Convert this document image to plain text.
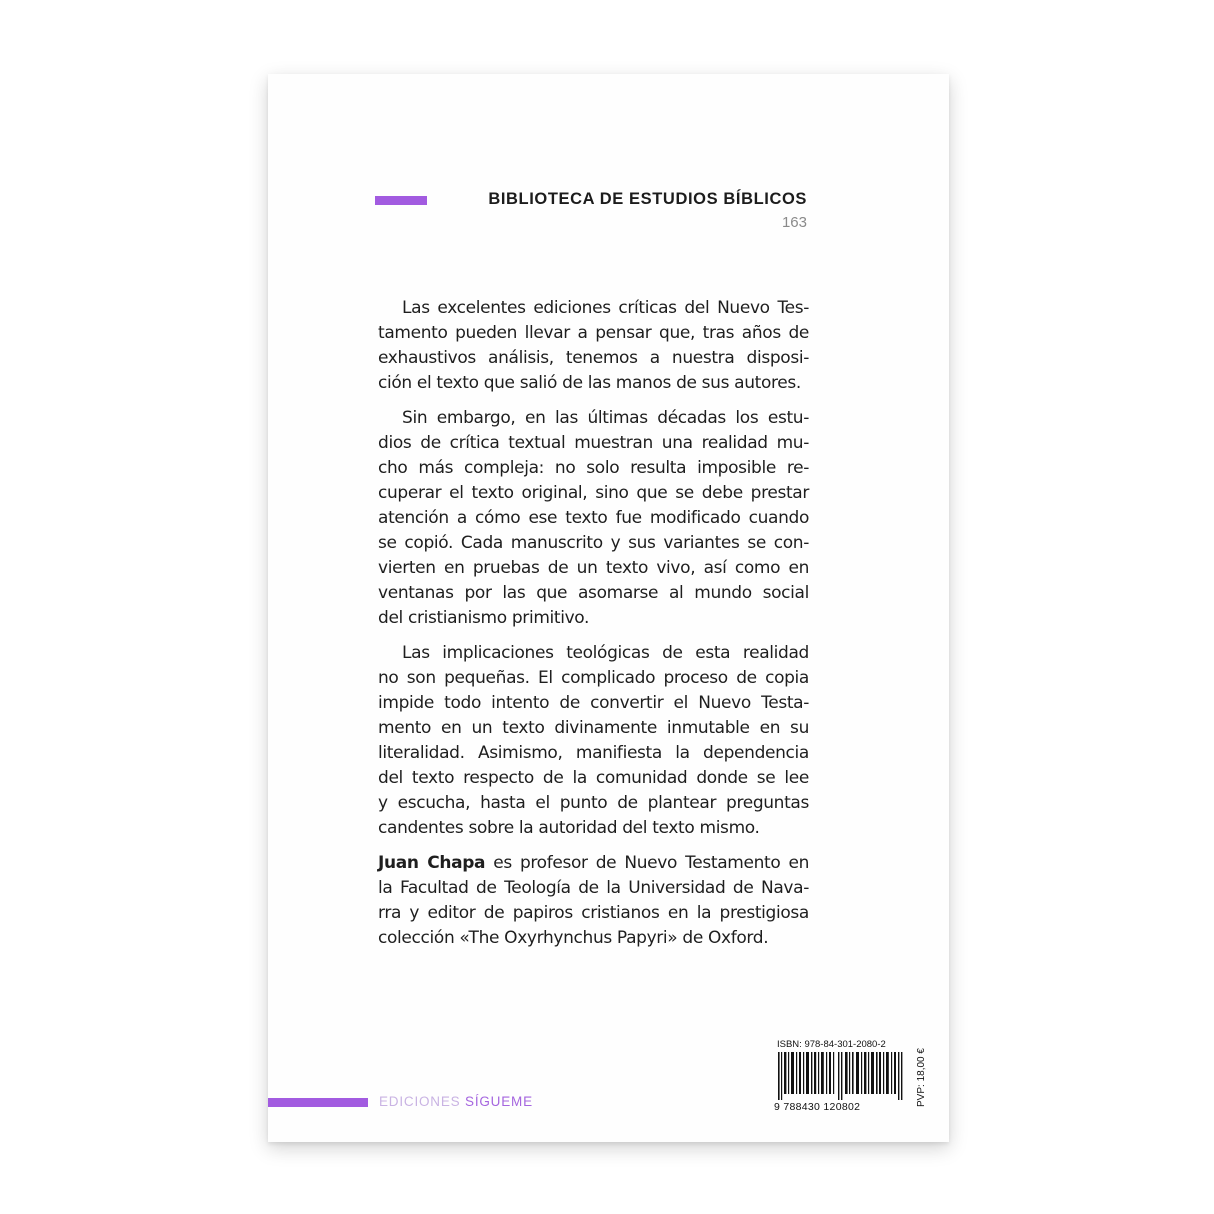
BIBLIOTECA DE ESTUDIOS BÍBLICOS
163

Las excelentes ediciones críticas del Nuevo Tes-
tamento pueden llevar a pensar que, tras años de
exhaustivos análisis, tenemos a nuestra disposi-
ción el texto que salió de las manos de sus autores.

Sin embargo, en las últimas décadas los estu-
dios de crítica textual muestran una realidad mu-
cho más compleja: no solo resulta imposible re-
cuperar el texto original, sino que se debe prestar
atención a cómo ese texto fue modificado cuando
se copió. Cada manuscrito y sus variantes se con-
vierten en pruebas de un texto vivo, así como en
ventanas por las que asomarse al mundo social
del cristianismo primitivo.

Las implicaciones teológicas de esta realidad
no son pequeñas. El complicado proceso de copia
impide todo intento de convertir el Nuevo Testa-
mento en un texto divinamente inmutable en su
literalidad. Asimismo, manifiesta la dependencia
del texto respecto de la comunidad donde se lee
y escucha, hasta el punto de plantear preguntas
candentes sobre la autoridad del texto mismo.

Juan Chapa es profesor de Nuevo Testamento en
la Facultad de Teología de la Universidad de Nava-
rra y editor de papiros cristianos en la prestigiosa
colección «The Oxyrhynchus Papyri» de Oxford.

EDICIONES SÍGUEME
ISBN: 978-84-301-2080-2
9 788430 120802	PVP: 18,00 €
